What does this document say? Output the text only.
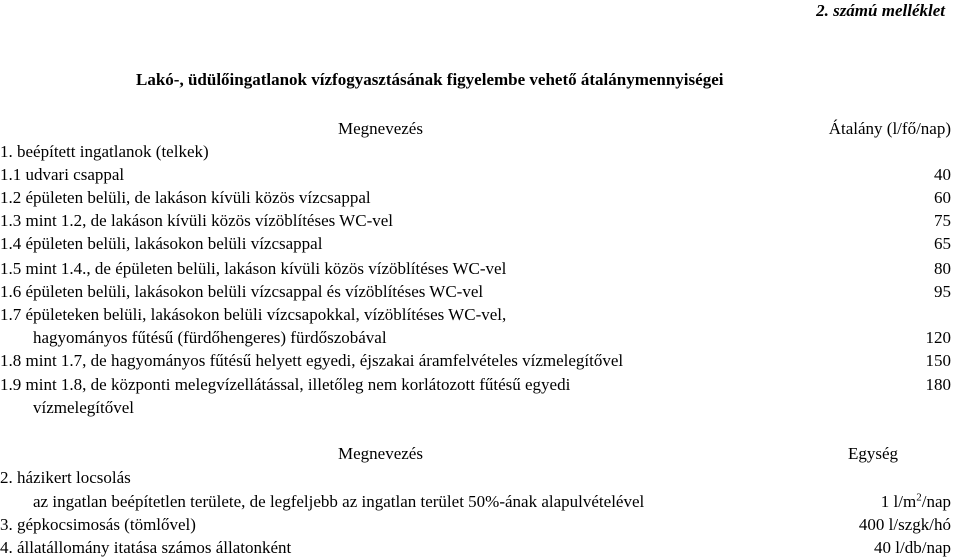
2. számú melléklet
Lakó-, üdülőingatlanok vízfogyasztásának figyelembe vehető átalánymennyiségei
Megnevezés	Átalány (l/fő/nap)
1. beépített ingatlanok (telkek)
1.1 udvari csappal	40
1.2 épületen belüli, de lakáson kívüli közös vízcsappal	60
1.3 mint 1.2, de lakáson kívüli közös vízöblítéses WC-vel	75
1.4 épületen belüli, lakásokon belüli vízcsappal	65
1.5 mint 1.4., de épületen belüli, lakáson kívüli közös vízöblítéses WC-vel	80
1.6 épületen belüli, lakásokon belüli vízcsappal és vízöblítéses WC-vel	95
1.7 épületeken belüli, lakásokon belüli vízcsapokkal, vízöblítéses WC-vel,
hagyományos fűtésű (fürdőhengeres) fürdőszobával	120
1.8 mint 1.7, de hagyományos fűtésű helyett egyedi, éjszakai áramfelvételes vízmelegítővel	150
1.9 mint 1.8, de központi melegvízellátással, illetőleg nem korlátozott fűtésű egyedi	180
vízmelegítővel
Megnevezés	Egység
2. házikert locsolás
az ingatlan beépítetlen területe, de legfeljebb az ingatlan terület 50%-ának alapulvételével	1 $l/m^2$/nap
3. gépkocsimosás (tömlővel)	400 l/szgk/hó
4. állatállomány itatása számos állatonként	40 l/db/nap
